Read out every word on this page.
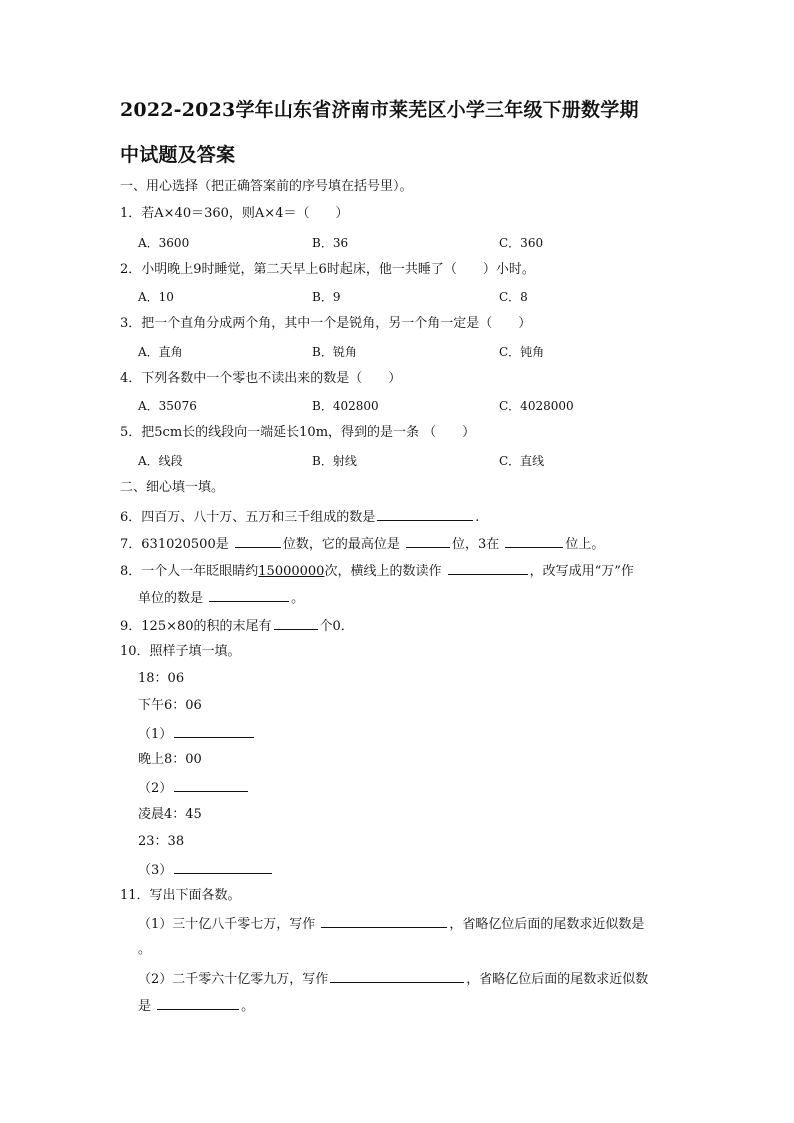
2022-2023学年山东省济南市莱芜区小学三年级下册数学期
中试题及答案
一、用心选择（把正确答案前的序号填在括号里）。
1．若A×40＝360，则A×4＝（　　）
A．3600	B．36	C．360
2．小明晚上9时睡觉，第二天早上6时起床，他一共睡了（　　）小时。
A．10	B．9	C．8
3．把一个直角分成两个角，其中一个是锐角，另一个角一定是（　　）
A．直角	B．锐角	C．钝角
4．下列各数中一个零也不读出来的数是（　　）
A．35076	B．402800	C．4028000
5．把5cm长的线段向一端延长10m，得到的是一条 （　　）
A．线段	B．射线	C．直线
二、细心填一填。
6．四百万、八十万、五万和三千组成的数是	.
7．631020500是	位数，它的最高位是	位，3在	位上。
8．一个人一年眨眼睛约15000000次，横线上的数读作	，改写成用“万”作
单位的数是	。
9．125×80的积的末尾有	个0．
10．照样子填一填。
18：06
下午6：06
（1）
晚上8：00
（2）
凌晨4：45
23：38
（3）
11．写出下面各数。
（1）三十亿八千零七万，写作	，省略亿位后面的尾数求近似数是
。
（2）二千零六十亿零九万，写作	，省略亿位后面的尾数求近似数
是	。
